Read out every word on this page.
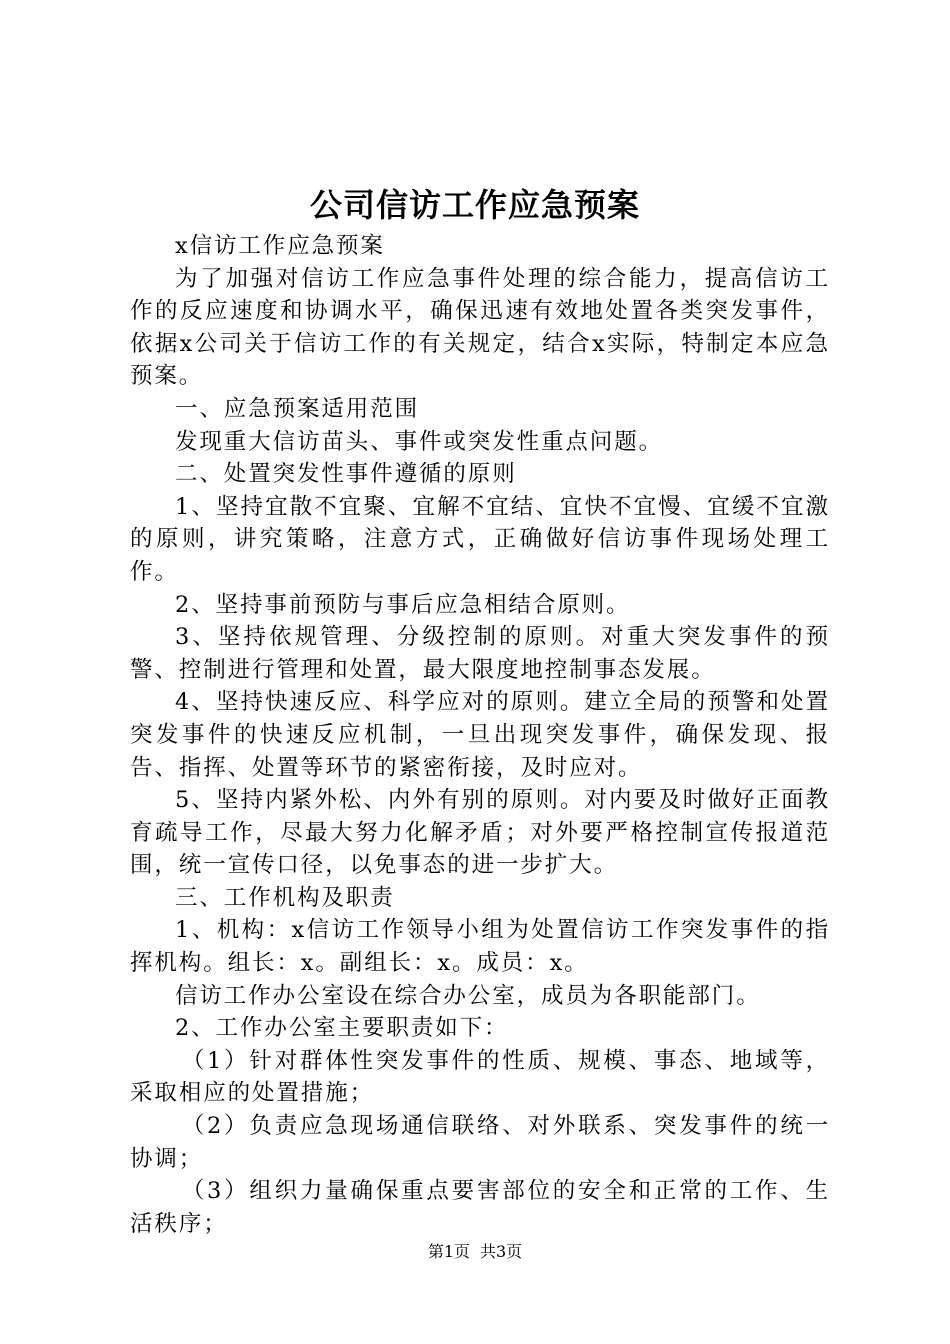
公司信访工作应急预案

x信访工作应急预案

为了加强对信访工作应急事件处理的综合能力，提高信访工作的反应速度和协调水平，确保迅速有效地处置各类突发事件，依据x公司关于信访工作的有关规定，结合x实际，特制定本应急预案。

一、应急预案适用范围

发现重大信访苗头、事件或突发性重点问题。

二、处置突发性事件遵循的原则

1、坚持宜散不宜聚、宜解不宜结、宜快不宜慢、宜缓不宜激的原则，讲究策略，注意方式，正确做好信访事件现场处理工作。

2、坚持事前预防与事后应急相结合原则。

3、坚持依规管理、分级控制的原则。对重大突发事件的预警、控制进行管理和处置，最大限度地控制事态发展。

4、坚持快速反应、科学应对的原则。建立全局的预警和处置突发事件的快速反应机制，一旦出现突发事件，确保发现、报告、指挥、处置等环节的紧密衔接，及时应对。

5、坚持内紧外松、内外有别的原则。对内要及时做好正面教育疏导工作，尽最大努力化解矛盾；对外要严格控制宣传报道范围，统一宣传口径，以免事态的进一步扩大。

三、工作机构及职责

1、机构：x信访工作领导小组为处置信访工作突发事件的指挥机构。组长：x。副组长：x。成员：x。

信访工作办公室设在综合办公室，成员为各职能部门。

2、工作办公室主要职责如下：

（1）针对群体性突发事件的性质、规模、事态、地域等，采取相应的处置措施；

（2）负责应急现场通信联络、对外联系、突发事件的统一协调；

（3）组织力量确保重点要害部位的安全和正常的工作、生活秩序；

第1页 共3页
